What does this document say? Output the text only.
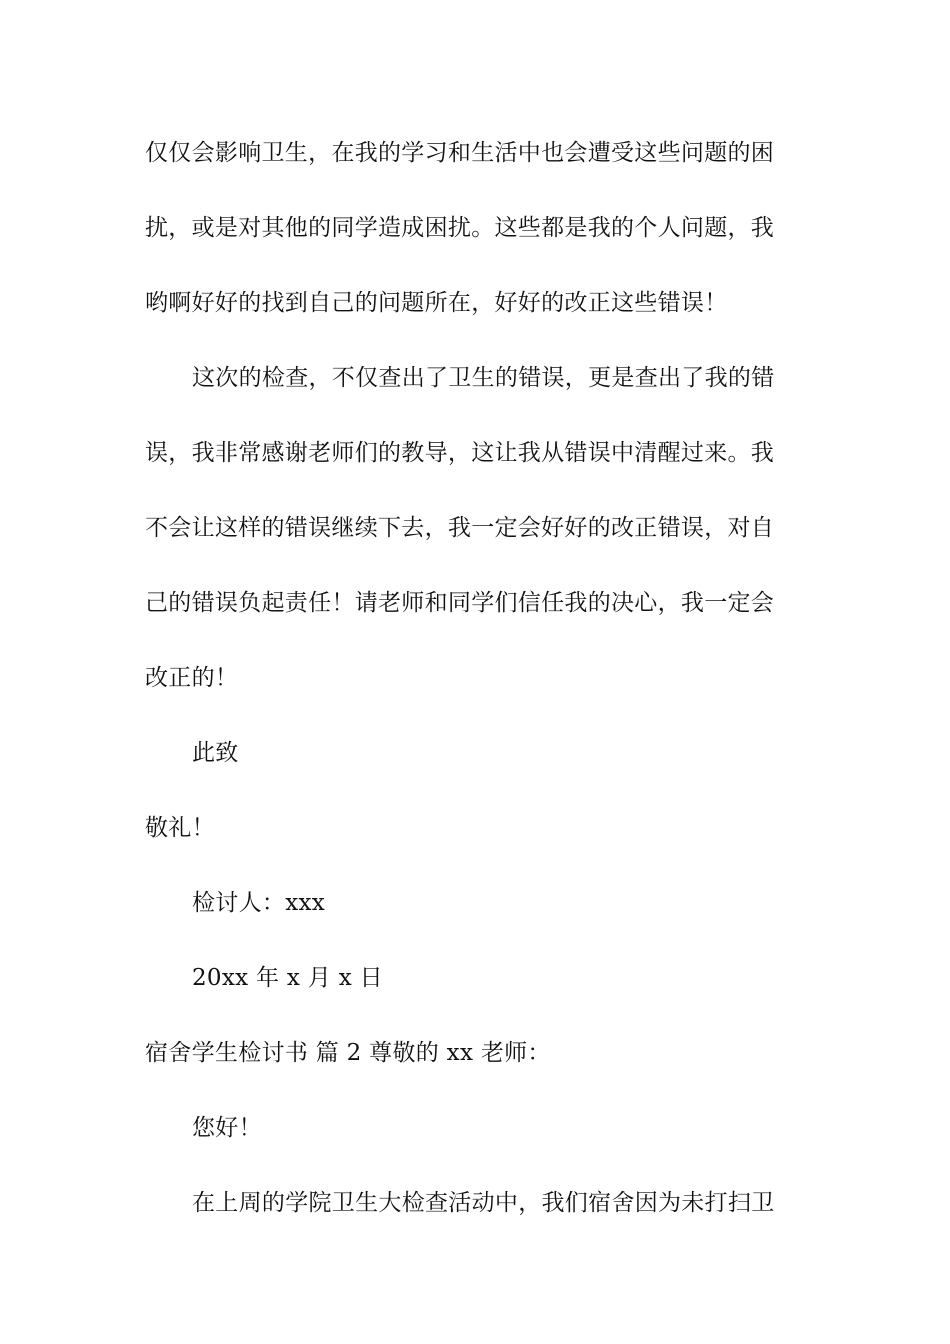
仅仅会影响卫生，在我的学习和生活中也会遭受这些问题的困
扰，或是对其他的同学造成困扰。这些都是我的个人问题，我
哟啊好好的找到自己的问题所在，好好的改正这些错误！
这次的检查，不仅查出了卫生的错误，更是查出了我的错
误，我非常感谢老师们的教导，这让我从错误中清醒过来。我
不会让这样的错误继续下去，我一定会好好的改正错误，对自
己的错误负起责任！请老师和同学们信任我的决心，我一定会
改正的！
此致
敬礼！
检讨人：xxx
20xx 年 x 月 x 日
宿舍学生检讨书 篇 2 尊敬的 xx 老师：
您好！
在上周的学院卫生大检查活动中，我们宿舍因为未打扫卫
